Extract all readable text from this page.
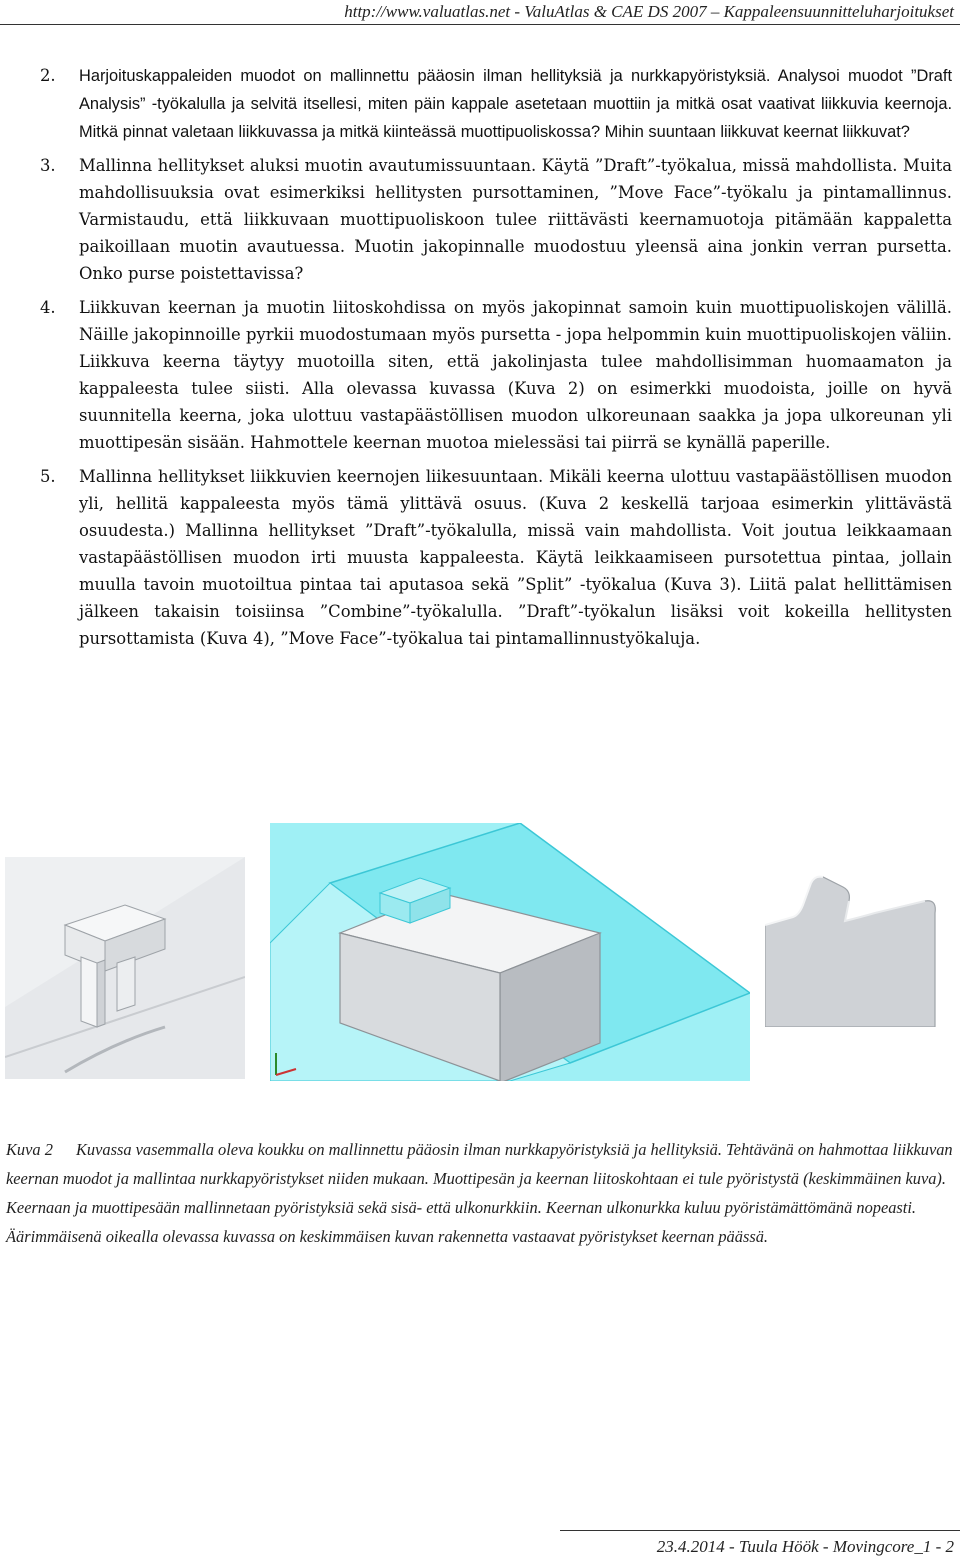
http://www.valuatlas.net - ValuAtlas & CAE DS 2007 – Kappaleensuunnitteluharjoitukset
2. Harjoituskappaleiden muodot on mallinnettu pääosin ilman hellityksiä ja nurkkapyöristyksiä. Analysoi muodot ”Draft Analysis” -työkalulla ja selvitä itsellesi, miten päin kappale asetetaan muottiin ja mitkä osat vaativat liikkuvia keernoja. Mitkä pinnat valetaan liikkuvassa ja mitkä kiinteässä muottipuoliskossa? Mihin suuntaan liikkuvat keernat liikkuvat?
3. Mallinna hellitykset aluksi muotin avautumissuuntaan. Käytä ”Draft”-työkalua, missä mahdollista. Muita mahdollisuuksia ovat esimerkiksi hellitysten pursottaminen, ”Move Face”-työkalu ja pintamallinnus. Varmistaudu, että liikkuvaan muottipuoliskoon tulee riittävästi keernamuotoja pitämään kappaletta paikoillaan muotin avautuessa. Muotin jakopinnalle muodostuu yleensä aina jonkin verran pursetta. Onko purse poistettavissa?
4. Liikkuvan keernan ja muotin liitoskohdissa on myös jakopinnat samoin kuin muottipuoliskojen välillä. Näille jakopinnoille pyrkii muodostumaan myös pursetta - jopa helpommin kuin muottipuoliskojen väliin. Liikkuva keerna täytyy muotoilla siten, että jakolinjasta tulee mahdollisimman huomaamaton ja kappaleesta tulee siisti. Alla olevassa kuvassa (Kuva 2) on esimerkki muodoista, joille on hyvä suunnitella keerna, joka ulottuu vastapäästöllisen muodon ulkoreunaan saakka ja jopa ulkoreunan yli muottipesän sisään. Hahmottele keernan muotoa mielessäsi tai piirrä se kynällä paperille.
5. Mallinna hellitykset liikkuvien keernojen liikesuuntaan. Mikäli keerna ulottuu vastapäästöllisen muodon yli, hellitä kappaleesta myös tämä ylittävä osuus. (Kuva 2 keskellä tarjoaa esimerkin ylittävästä osuudesta.) Mallinna hellitykset ”Draft”-työkalulla, missä vain mahdollista. Voit joutua leikkaamaan vastapäästöllisen muodon irti muusta kappaleesta. Käytä leikkaamiseen pursotettua pintaa, jollain muulla tavoin muotoiltua pintaa tai aputasoa sekä ”Split” -työkalua (Kuva 3). Liitä palat hellittämisen jälkeen takaisin toisiinsa ”Combine”-työkalulla. ”Draft”-työkalun lisäksi voit kokeilla hellitysten pursottamista (Kuva 4), ”Move Face”-työkalua tai pintamallinnustyökaluja.
Kuva 2 Kuvassa vasemmalla oleva koukku on mallinnettu pääosin ilman nurkkapyöristyksiä ja hellityksiä. Tehtävänä on hahmottaa liikkuvan keernan muodot ja mallintaa nurkkapyöristykset niiden mukaan. Muottipesän ja keernan liitoskohtaan ei tule pyöristystä (keskimmäinen kuva). Keernaan ja muottipesään mallinnetaan pyöristyksiä sekä sisä- että ulkonurkkiin. Keernan ulkonurkka kuluu pyöristämättömänä nopeasti. Äärimmäisenä oikealla olevassa kuvassa on keskimmäisen kuvan rakennetta vastaavat pyöristykset keernan päässä.
23.4.2014 - Tuula Höök - Movingcore_1 - 2
